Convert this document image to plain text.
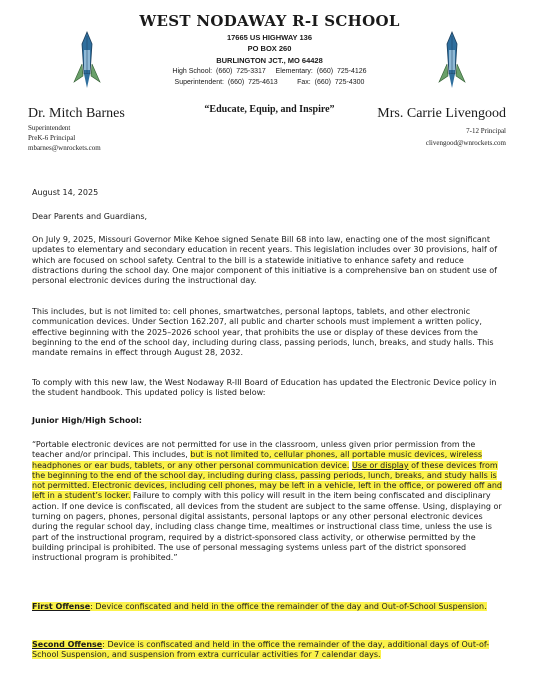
WEST NODAWAY R-I SCHOOL
17665 US HIGHWAY 136
PO BOX 260
BURLINGTON JCT., MO 64428
High School:  (660)  725-3317     Elementary:  (660)  725-4126
Superintendent:  (660)  725-4613          Fax:  (660)  725-4300
“Educate, Equip, and Inspire”
Dr. Mitch Barnes
Superintendent
PreK-6 Principal
mbarnes@wnrockets.com
Mrs. Carrie Livengood
7-12 Principal
clivengood@wnrockets.com
August 14, 2025
Dear Parents and Guardians,

On July 9, 2025, Missouri Governor Mike Kehoe signed Senate Bill 68 into law, enacting one of the most significant updates to elementary and secondary education in recent years. This legislation includes over 30 provisions, half of which are focused on school safety. Central to the bill is a statewide initiative to enhance safety and reduce distractions during the school day. One major component of this initiative is a comprehensive ban on student use of personal electronic devices during the instructional day.

This includes, but is not limited to: cell phones, smartwatches, personal laptops, tablets, and other electronic communication devices. Under Section 162.207, all public and charter schools must implement a written policy, effective beginning with the 2025–2026 school year, that prohibits the use or display of these devices from the beginning to the end of the school day, including during class, passing periods, lunch, breaks, and study halls. This mandate remains in effect through August 28, 2032.

To comply with this new law, the West Nodaway R-III Board of Education has updated the Electronic Device policy in the student handbook. This updated policy is listed below:

Junior High/High School:

“Portable electronic devices are not permitted for use in the classroom, unless given prior permission from the teacher and/or principal. This includes, but is not limited to, cellular phones, all portable music devices, wireless headphones or ear buds, tablets, or any other personal communication device. Use or display of these devices from the beginning to the end of the school day, including during class, passing periods, lunch, breaks, and study halls is not permitted. Electronic devices, including cell phones, may be left in a vehicle, left in the office, or powered off and left in a student’s locker. Failure to comply with this policy will result in the item being confiscated and disciplinary action. If one device is confiscated, all devices from the student are subject to the same offense. Using, displaying or turning on pagers, phones, personal digital assistants, personal laptops or any other personal electronic devices during the regular school day, including class change time, mealtimes or instructional class time, unless the use is part of the instructional program, required by a district-sponsored class activity, or otherwise permitted by the building principal is prohibited. The use of personal messaging systems unless part of the district sponsored instructional program is prohibited.”

First Offense: Device confiscated and held in the office the remainder of the day and Out-of-School Suspension.

Second Offense: Device is confiscated and held in the office the remainder of the day, additional days of Out-of-School Suspension, and suspension from extra curricular activities for 7 calendar days.
